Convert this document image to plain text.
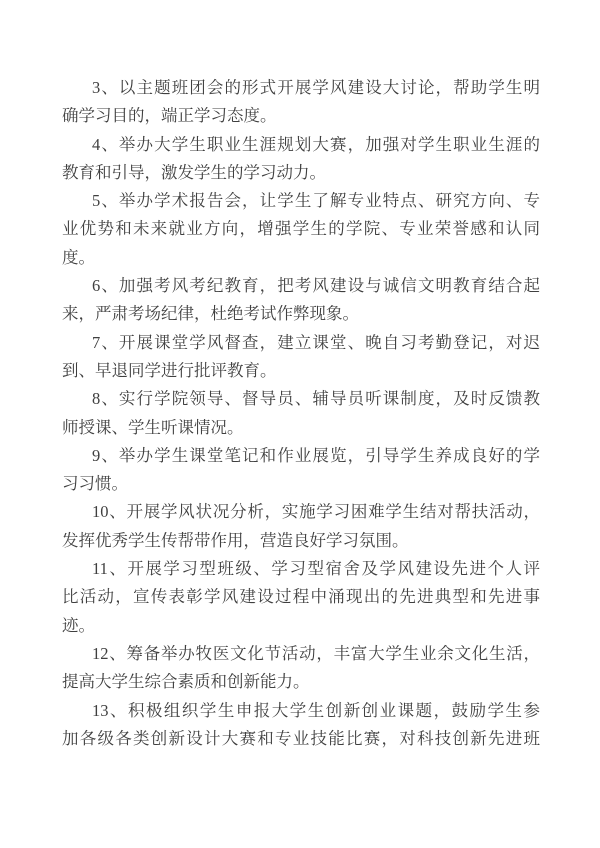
3、以主题班团会的形式开展学风建设大讨论，帮助学生明
确学习目的，端正学习态度。
4、举办大学生职业生涯规划大赛，加强对学生职业生涯的
教育和引导，激发学生的学习动力。
5、举办学术报告会，让学生了解专业特点、研究方向、专
业优势和未来就业方向，增强学生的学院、专业荣誉感和认同
度。
6、加强考风考纪教育，把考风建设与诚信文明教育结合起
来，严肃考场纪律，杜绝考试作弊现象。
7、开展课堂学风督查，建立课堂、晚自习考勤登记，对迟
到、早退同学进行批评教育。
8、实行学院领导、督导员、辅导员听课制度，及时反馈教
师授课、学生听课情况。
9、举办学生课堂笔记和作业展览，引导学生养成良好的学
习习惯。
10、开展学风状况分析，实施学习困难学生结对帮扶活动，
发挥优秀学生传帮带作用，营造良好学习氛围。
11、开展学习型班级、学习型宿舍及学风建设先进个人评
比活动，宣传表彰学风建设过程中涌现出的先进典型和先进事
迹。
12、筹备举办牧医文化节活动，丰富大学生业余文化生活，
提高大学生综合素质和创新能力。
13、积极组织学生申报大学生创新创业课题，鼓励学生参
加各级各类创新设计大赛和专业技能比赛，对科技创新先进班
